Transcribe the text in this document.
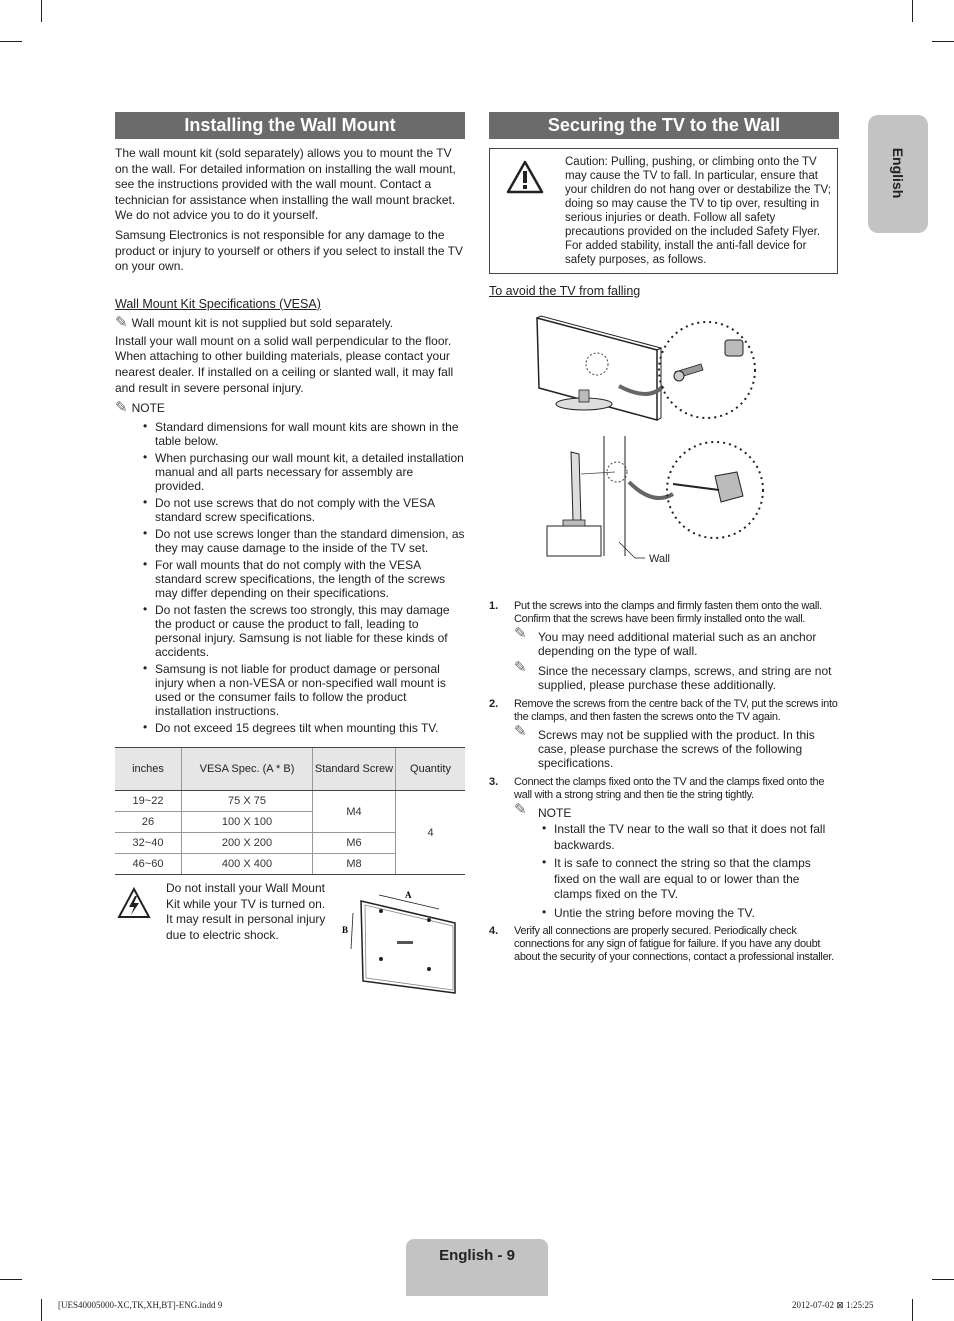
Installing the Wall Mount

The wall mount kit (sold separately) allows you to mount the TV on the wall. For detailed information on installing the wall mount, see the instructions provided with the wall mount. Contact a technician for assistance when installing the wall mount bracket. We do not advice you to do it yourself.

Samsung Electronics is not responsible for any damage to the product or injury to yourself or others if you select to install the TV on your own.

Wall Mount Kit Specifications (VESA)
✎ Wall mount kit is not supplied but sold separately.

Install your wall mount on a solid wall perpendicular to the floor. When attaching to other building materials, please contact your nearest dealer. If installed on a ceiling or slanted wall, it may fall and result in severe personal injury.

✎ NOTE
• Standard dimensions for wall mount kits are shown in the table below.
• When purchasing our wall mount kit, a detailed installation manual and all parts necessary for assembly are provided.
• Do not use screws that do not comply with the VESA standard screw specifications.
• Do not use screws longer than the standard dimension, as they may cause damage to the inside of the TV set.
• For wall mounts that do not comply with the VESA standard screw specifications, the length of the screws may differ depending on their specifications.
• Do not fasten the screws too strongly, this may damage the product or cause the product to fall, leading to personal injury. Samsung is not liable for these kinds of accidents.
• Samsung is not liable for product damage or personal injury when a non-VESA or non-specified wall mount is used or the consumer fails to follow the product installation instructions.
• Do not exceed 15 degrees tilt when mounting this TV.
inches	VESA Spec. (A * B)	Standard Screw	Quantity
19~22	75 X 75	M4	4
26	100 X 100		
32~40	200 X 200	M6	
46~60	400 X 400	M8	

Do not install your Wall Mount Kit while your TV is turned on. It may result in personal injury due to electric shock.

A
B
Securing the TV to the Wall
Caution: Pulling, pushing, or climbing onto the TV may cause the TV to fall. In particular, ensure that your children do not hang over or destabilize the TV; doing so may cause the TV to tip over, resulting in serious injuries or death. Follow all safety precautions provided on the included Safety Flyer. For added stability, install the anti-fall device for safety purposes, as follows.
To avoid the TV from falling
Wall
1. Put the screws into the clamps and firmly fasten them onto the wall. Confirm that the screws have been firmly installed onto the wall.
✎ You may need additional material such as an anchor depending on the type of wall.
✎ Since the necessary clamps, screws, and string are not supplied, please purchase these additionally.
2. Remove the screws from the centre back of the TV, put the screws into the clamps, and then fasten the screws onto the TV again.
✎ Screws may not be supplied with the product. In this case, please purchase the screws of the following specifications.
3. Connect the clamps fixed onto the TV and the clamps fixed onto the wall with a strong string and then tie the string tightly.
✎ NOTE
• Install the TV near to the wall so that it does not fall backwards.
• It is safe to connect the string so that the clamps fixed on the wall are equal to or lower than the clamps fixed on the TV.
• Untie the string before moving the TV.
4. Verify all connections are properly secured. Periodically check connections for any sign of fatigue for failure. If you have any doubt about the security of your connections, contact a professional installer.
English
English - 9
[UES40005000-XC,TK,XH,BT]-ENG.indd 9	2012-07-02 ⊠ 1:25:25
